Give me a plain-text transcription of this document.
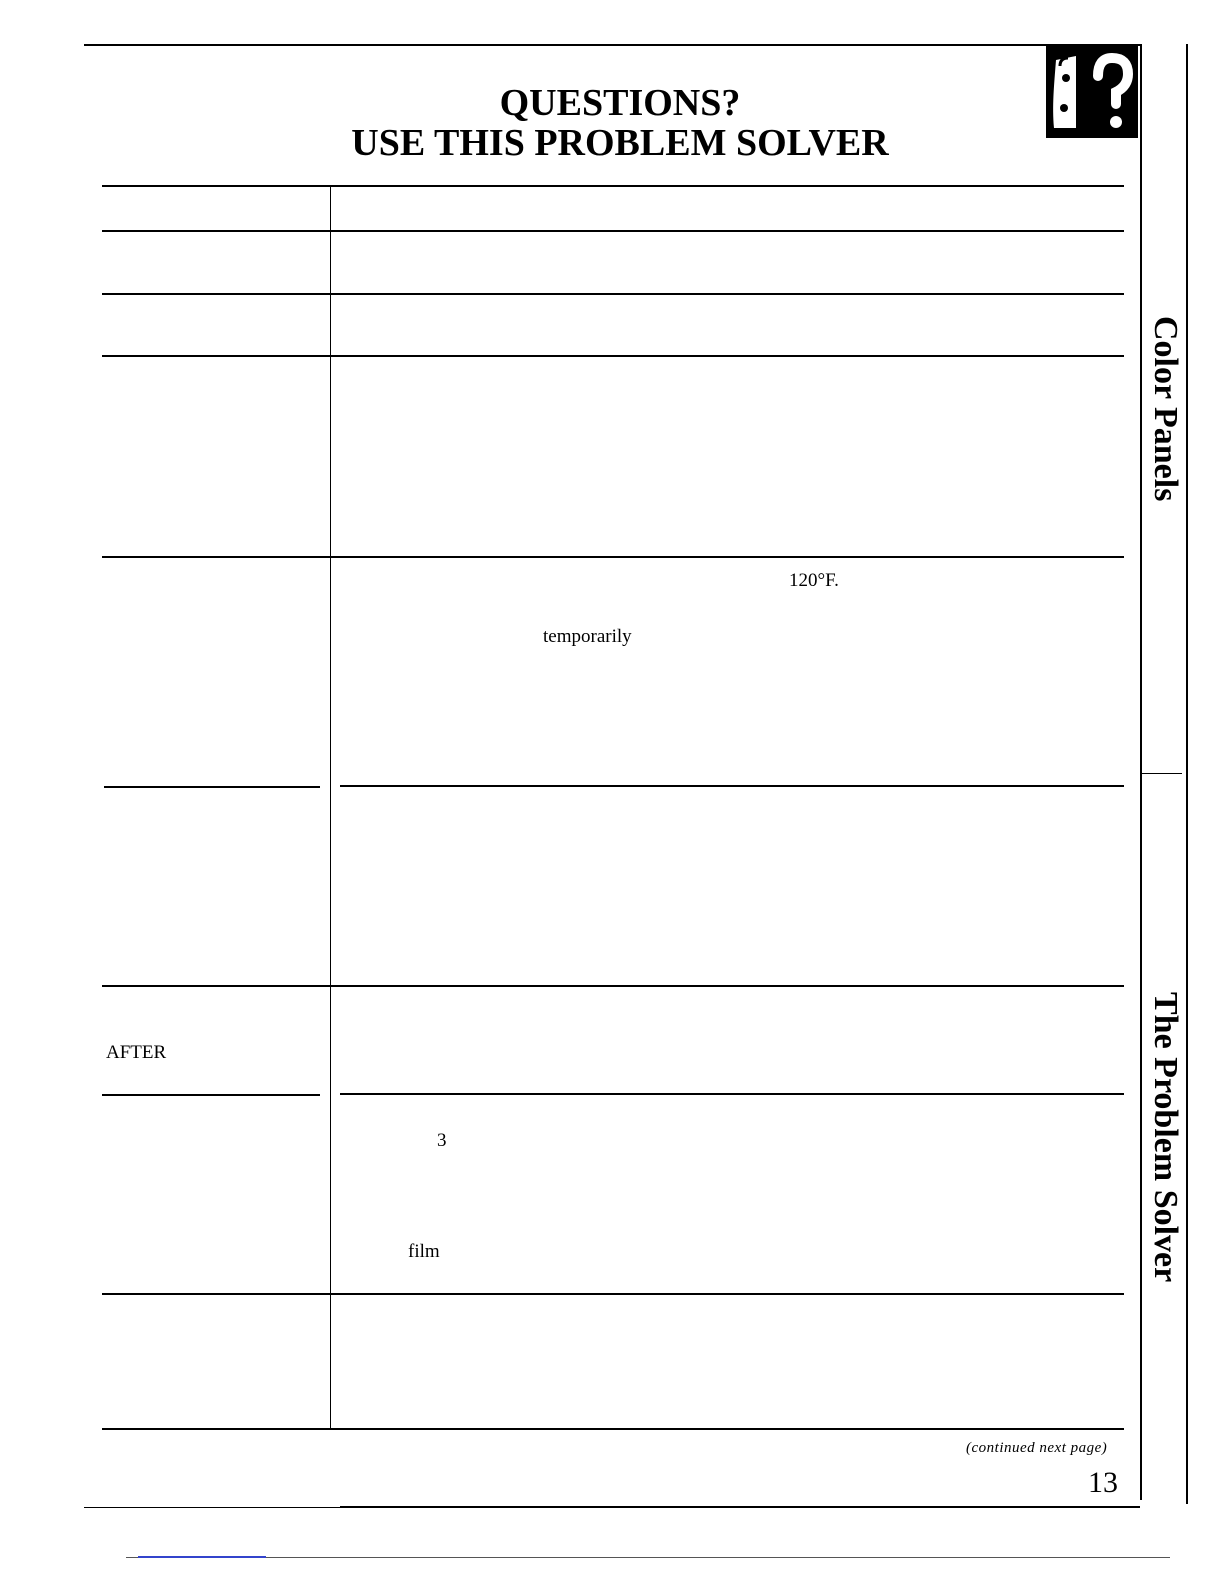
QUESTIONS?
USE THIS PROBLEM SOLVER
Color Panels
The Problem Solver
120°F.
temporarily
AFTER
3
film
(continued next page)
13
